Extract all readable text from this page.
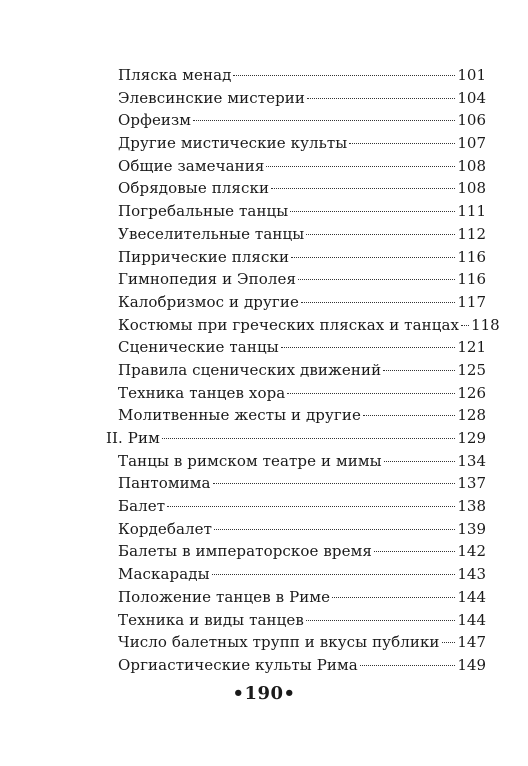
Пляска менад	101
Элевсинские мистерии	104
Орфеизм	106
Другие мистические культы	107
Общие замечания	108
Обрядовые пляски	108
Погребальные танцы	111
Увеселительные танцы	112
Пиррические пляски	116
Гимнопедия и Эполея	116
Калобризмос и другие	117
Костюмы при греческих плясках и танцах 118
Сценические танцы	121
Правила сценических движений	125
Техника танцев хора	126
Молитвенные жесты и другие	128
II. Рим	129
Танцы в римском театре и мимы	134
Пантомима	137
Балет	138
Кордебалет	139
Балеты в императорское время	142
Маскарады	143
Положение танцев в Риме	144
Техника и виды танцев	144
Число балетных трупп и вкусы публики 147
Оргиастические культы Рима	149
•190•
